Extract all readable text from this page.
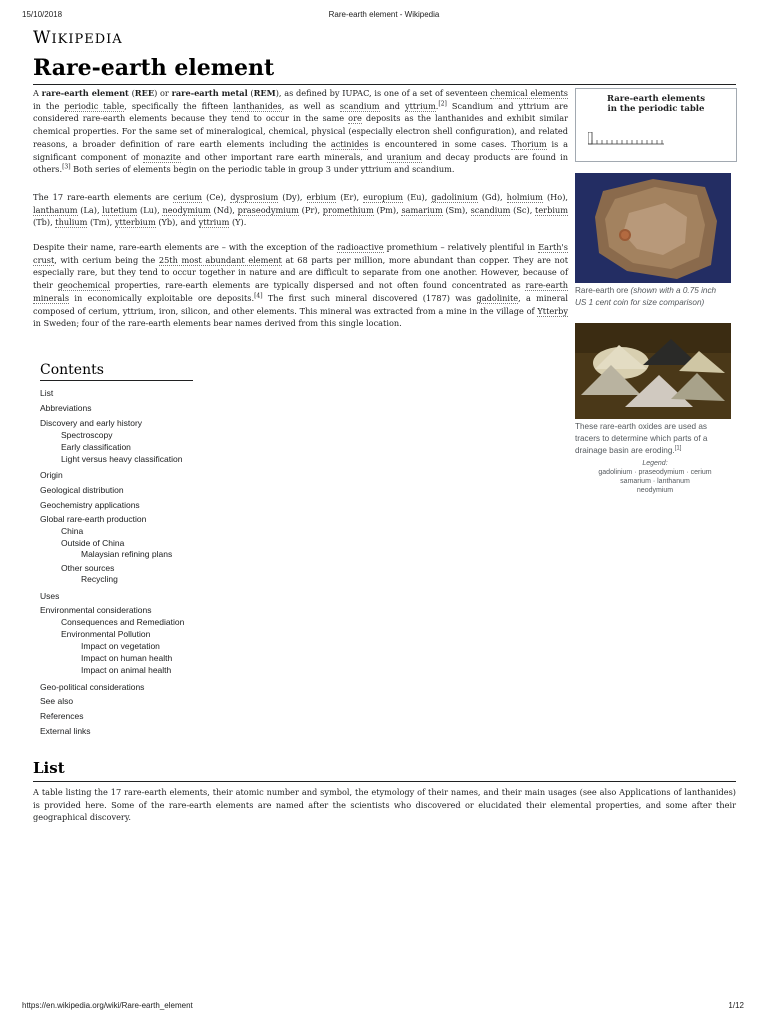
15/10/2018	Rare-earth element - Wikipedia
WIKIPEDIA
Rare-earth element

A rare-earth element (REE) or rare-earth metal (REM), as defined by IUPAC, is one of a set of seventeen chemical elements in the periodic table, specifically the fifteen lanthanides, as well as scandium and yttrium.[2] Scandium and yttrium are considered rare-earth elements because they tend to occur in the same ore deposits as the lanthanides and exhibit similar chemical properties. For the same set of mineralogical, chemical, physical (especially electron shell configuration), and related reasons, a broader definition of rare earth elements including the actinides is encountered in some cases. Thorium is a significant component of monazite and other important rare earth minerals, and uranium and decay products are found in others.[3] Both series of elements begin on the periodic table in group 3 under yttrium and scandium.

The 17 rare-earth elements are cerium (Ce), dysprosium (Dy), erbium (Er), europium (Eu), gadolinium (Gd), holmium (Ho), lanthanum (La), lutetium (Lu), neodymium (Nd), praseodymium (Pr), promethium (Pm), samarium (Sm), scandium (Sc), terbium (Tb), thulium (Tm), ytterbium (Yb), and yttrium (Y).

Despite their name, rare-earth elements are – with the exception of the radioactive promethium – relatively plentiful in Earth's crust, with cerium being the 25th most abundant element at 68 parts per million, more abundant than copper. They are not especially rare, but they tend to occur together in nature and are difficult to separate from one another. However, because of their geochemical properties, rare-earth elements are typically dispersed and not often found concentrated as rare-earth minerals in economically exploitable ore deposits.[4] The first such mineral discovered (1787) was gadolinite, a mineral composed of cerium, yttrium, iron, silicon, and other elements. This mineral was extracted from a mine in the village of Ytterby in Sweden; four of the rare-earth elements bear names derived from this single location.

Rare-earth elements
in the periodic table
Rare-earth ore (shown with a 0.75 inch US 1 cent coin for size comparison)
These rare-earth oxides are used as tracers to determine which parts of a drainage basin are eroding.[1]
Legend:
gadolinium · praseodymium · cerium
samarium · lanthanum
neodymium
Contents
List
Abbreviations
Discovery and early history
Spectroscopy
Early classification
Light versus heavy classification
Origin
Geological distribution
Geochemistry applications
Global rare-earth production
China
Outside of China
Malaysian refining plans
Other sources
Recycling
Uses
Environmental considerations
Consequences and Remediation
Environmental Pollution
Impact on vegetation
Impact on human health
Impact on animal health
Geo-political considerations
See also
References
External links
List

A table listing the 17 rare-earth elements, their atomic number and symbol, the etymology of their names, and their main usages (see also Applications of lanthanides) is provided here. Some of the rare-earth elements are named after the scientists who discovered or elucidated their elemental properties, and some after their geographical discovery.

https://en.wikipedia.org/wiki/Rare-earth_element	1/12
